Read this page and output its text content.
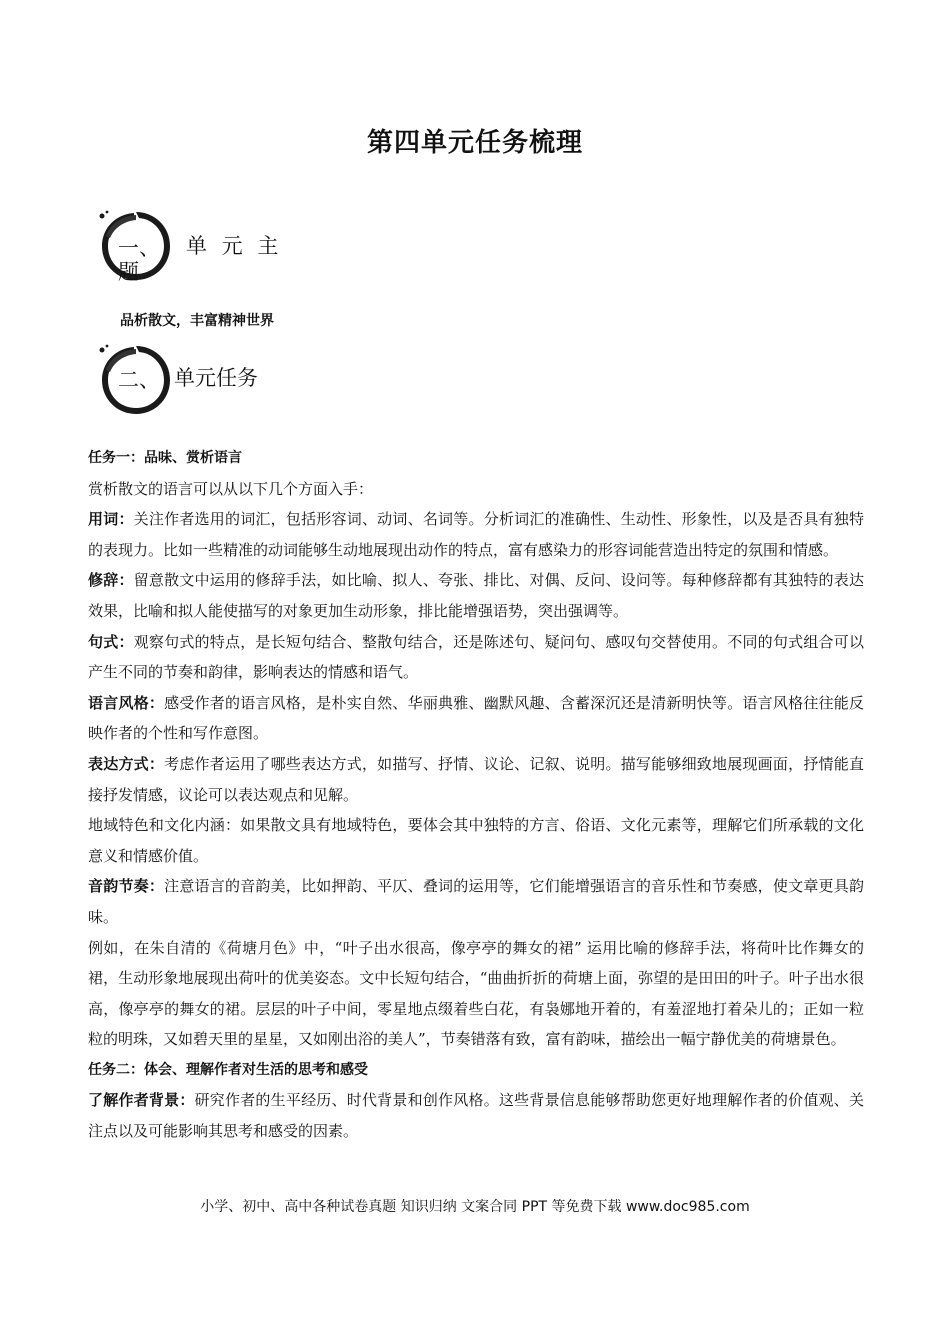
第四单元任务梳理
一、 单 元 主
题
品析散文，丰富精神世界
二、 单元任务

任务一：品味、赏析语言

赏析散文的语言可以从以下几个方面入手：

用词：关注作者选用的词汇，包括形容词、动词、名词等。分析词汇的准确性、生动性、形象性，以及是否具有独特的表现力。比如一些精准的动词能够生动地展现出动作的特点，富有感染力的形容词能营造出特定的氛围和情感。

修辞：留意散文中运用的修辞手法，如比喻、拟人、夸张、排比、对偶、反问、设问等。每种修辞都有其独特的表达效果，比喻和拟人能使描写的对象更加生动形象，排比能增强语势，突出强调等。

句式：观察句式的特点，是长短句结合、整散句结合，还是陈述句、疑问句、感叹句交替使用。不同的句式组合可以产生不同的节奏和韵律，影响表达的情感和语气。

语言风格：感受作者的语言风格，是朴实自然、华丽典雅、幽默风趣、含蓄深沉还是清新明快等。语言风格往往能反映作者的个性和写作意图。

表达方式：考虑作者运用了哪些表达方式，如描写、抒情、议论、记叙、说明。描写能够细致地展现画面，抒情能直接抒发情感，议论可以表达观点和见解。

地域特色和文化内涵：如果散文具有地域特色，要体会其中独特的方言、俗语、文化元素等，理解它们所承载的文化意义和情感价值。

音韵节奏：注意语言的音韵美，比如押韵、平仄、叠词的运用等，它们能增强语言的音乐性和节奏感，使文章更具韵味。

例如，在朱自清的《荷塘月色》中，“叶子出水很高，像亭亭的舞女的裙” 运用比喻的修辞手法，将荷叶比作舞女的裙，生动形象地展现出荷叶的优美姿态。文中长短句结合，“曲曲折折的荷塘上面，弥望的是田田的叶子。叶子出水很高，像亭亭的舞女的裙。层层的叶子中间，零星地点缀着些白花，有袅娜地开着的，有羞涩地打着朵儿的；正如一粒粒的明珠，又如碧天里的星星，又如刚出浴的美人”，节奏错落有致，富有韵味，描绘出一幅宁静优美的荷塘景色。

任务二：体会、理解作者对生活的思考和感受

了解作者背景：研究作者的生平经历、时代背景和创作风格。这些背景信息能够帮助您更好地理解作者的价值观、关注点以及可能影响其思考和感受的因素。

小学、初中、高中各种试卷真题 知识归纳 文案合同 PPT 等免费下载 www.doc985.com
